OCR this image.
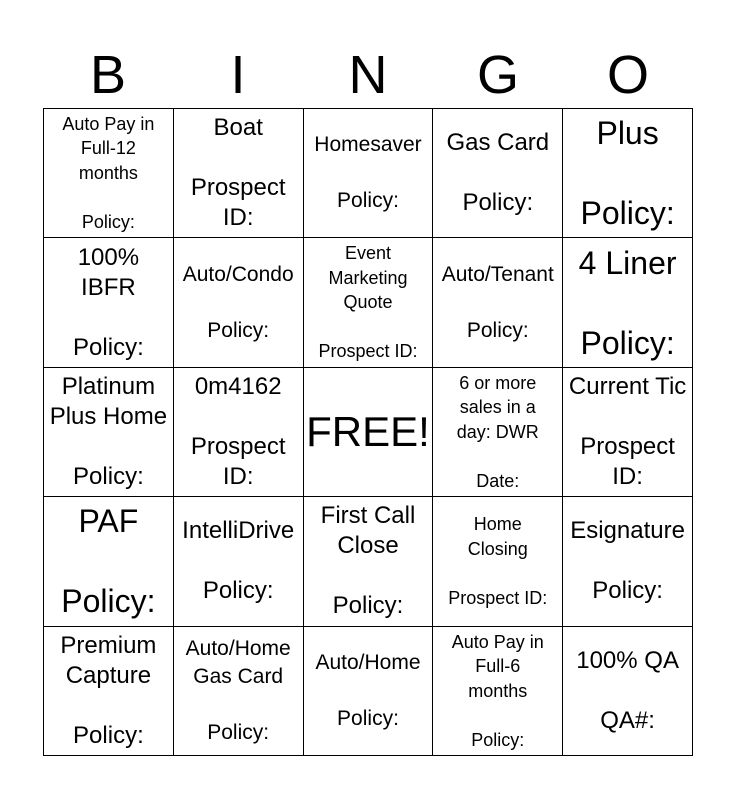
B	I	N	G	O
Auto Pay in
Full-12
months

Policy:
Boat

Prospect
ID:
Homesaver

Policy:
Gas Card

Policy:
Plus

Policy:
100%
IBFR

Policy:
Auto/Condo

Policy:
Event
Marketing
Quote

Prospect ID:
Auto/Tenant

Policy:
4 Liner

Policy:
Platinum
Plus Home

Policy:
0m4162

Prospect
ID:
FREE!
6 or more
sales in a
day: DWR

Date:
Current Tic

Prospect
ID:
PAF

Policy:
IntelliDrive

Policy:
First Call
Close

Policy:
Home
Closing

Prospect ID:
Esignature

Policy:
Premium
Capture

Policy:
Auto/Home
Gas Card

Policy:
Auto/Home

Policy:
Auto Pay in
Full-6
months

Policy:
100% QA

QA#:
